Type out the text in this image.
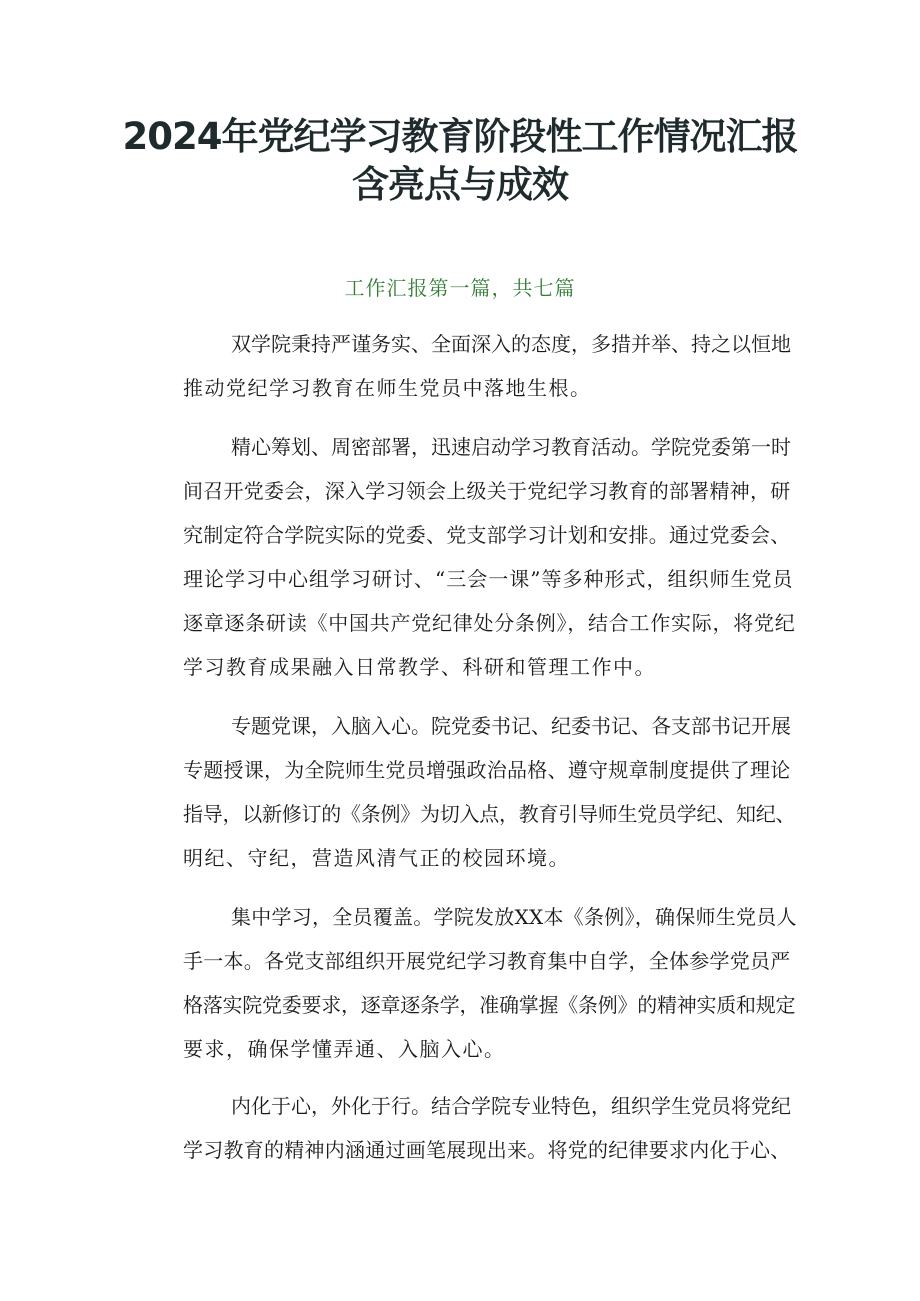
2024年党纪学习教育阶段性工作情况汇报
含亮点与成效
工作汇报第一篇，共七篇
双学院秉持严谨务实、全面深入的态度，多措并举、持之以恒地
推动党纪学习教育在师生党员中落地生根。
精心筹划、周密部署，迅速启动学习教育活动。学院党委第一时
间召开党委会，深入学习领会上级关于党纪学习教育的部署精神，研
究制定符合学院实际的党委、党支部学习计划和安排。通过党委会、
理论学习中心组学习研讨、“三会一课”等多种形式，组织师生党员
逐章逐条研读《中国共产党纪律处分条例》，结合工作实际，将党纪
学习教育成果融入日常教学、科研和管理工作中。
专题党课，入脑入心。院党委书记、纪委书记、各支部书记开展
专题授课，为全院师生党员增强政治品格、遵守规章制度提供了理论
指导，以新修订的《条例》为切入点，教育引导师生党员学纪、知纪、
明纪、守纪，营造风清气正的校园环境。
集中学习，全员覆盖。学院发放XX本《条例》，确保师生党员人
手一本。各党支部组织开展党纪学习教育集中自学，全体参学党员严
格落实院党委要求，逐章逐条学，准确掌握《条例》的精神实质和规定
要求，确保学懂弄通、入脑入心。
内化于心，外化于行。结合学院专业特色，组织学生党员将党纪
学习教育的精神内涵通过画笔展现出来。将党的纪律要求内化于心、
